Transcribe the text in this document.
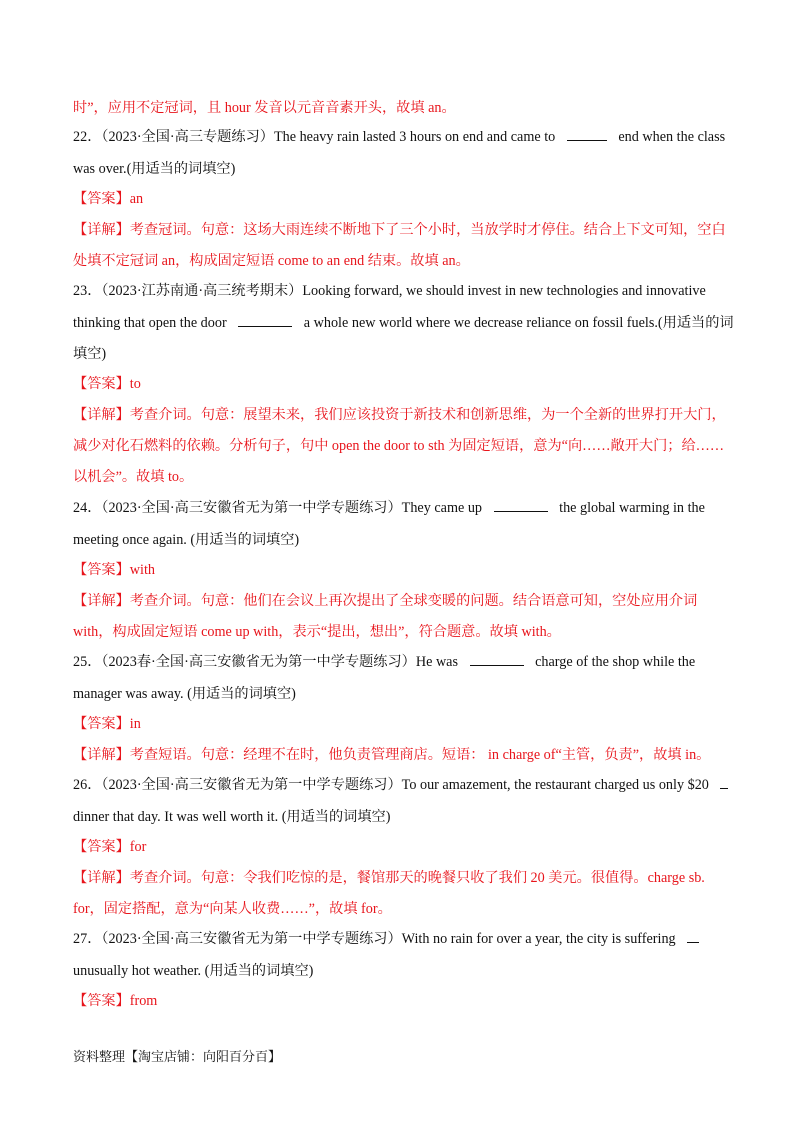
时”，应用不定冠词，且 hour 发音以元音音素开头，故填 an。
22．（2023·全国·高三专题练习）The heavy rain lasted 3 hours on end and came to	end when the class
was over.(用适当的词填空)
【答案】an
【详解】考查冠词。句意：这场大雨连续不断地下了三个小时，当放学时才停住。结合上下文可知，空白
处填不定冠词 an，构成固定短语 come to an end 结束。故填 an。
23．（2023·江苏南通·高三统考期末）Looking forward, we should invest in new technologies and innovative
thinking that open the door	a whole new world where we decrease reliance on fossil fuels.(用适当的词
填空)
【答案】to
【详解】考查介词。句意：展望未来，我们应该投资于新技术和创新思维，为一个全新的世界打开大门，
减少对化石燃料的依赖。分析句子，句中 open the door to sth 为固定短语，意为“向……敞开大门；给……
以机会”。故填 to。
24．（2023·全国·高三安徽省无为第一中学专题练习）They came up	the global warming in the
meeting once again. (用适当的词填空)
【答案】with
【详解】考查介词。句意：他们在会议上再次提出了全球变暖的问题。结合语意可知，空处应用介词
with，构成固定短语 come up with，表示“提出，想出”，符合题意。故填 with。
25．（2023春·全国·高三安徽省无为第一中学专题练习）He was	charge of the shop while the
manager was away. (用适当的词填空)
【答案】in
【详解】考查短语。句意：经理不在时，他负责管理商店。短语： in charge of“主管，负责”，故填 in。
26．（2023·全国·高三安徽省无为第一中学专题练习）To our amazement, the restaurant charged us only $20
dinner that day. It was well worth it. (用适当的词填空)
【答案】for
【详解】考查介词。句意：令我们吃惊的是，餐馆那天的晚餐只收了我们 20 美元。很值得。charge sb.
for，固定搭配，意为“向某人收费……”，故填 for。
27．（2023·全国·高三安徽省无为第一中学专题练习）With no rain for over a year, the city is suffering
unusually hot weather. (用适当的词填空)
【答案】from
资料整理【淘宝店铺：向阳百分百】
